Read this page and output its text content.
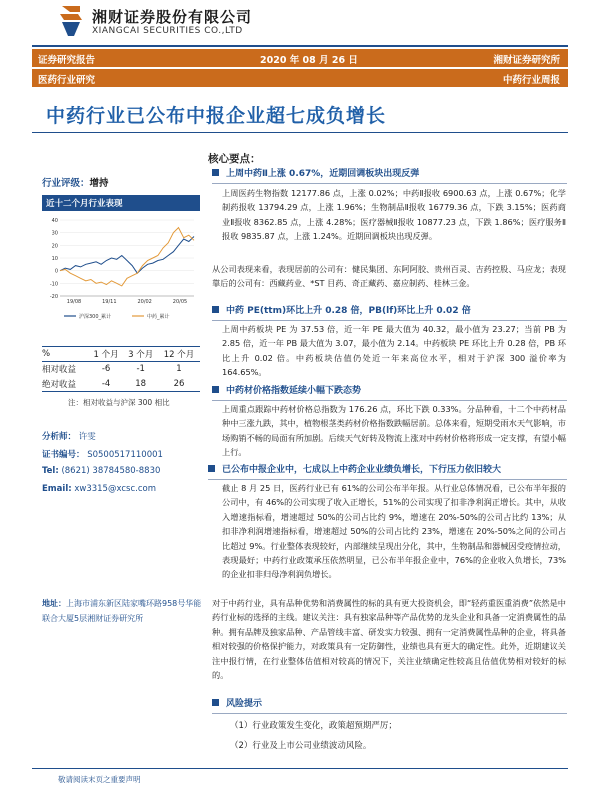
湘财证券股份有限公司
XIANGCAI SECURITIES CO.,LTD
证券研究报告	2020 年 08 月 26 日	湘财证券研究所
医药行业研究	中药行业周报
中药行业已公布中报企业超七成负增长
核心要点：
行业评级：增持
近十二个月行业表现
-20
-10
0
10
20
30
40
19/08	19/11	20/02	20/05
沪深300_累计	中药_累计
%	1 个月	3 个月	12 个月
相对收益	-6	-1	1
绝对收益	-4	18	26
注：相对收益与沪深 300 相比
分析师： 许雯
证书编号： S0500517110001
Tel: (8621) 38784580-8830
Email: xw3315@xcsc.com
地址：上海市浦东新区陆家嘴环路958号华能联合大厦5层湘财证券研究所
上周中药Ⅱ上涨 0.67%，近期回调板块出现反弹
上周医药生物指数 12177.86 点，上涨 0.02%；中药Ⅱ报收 6900.63 点，上涨 0.67%；化学制药报收 13794.29 点，上涨 1.96%；生物制品Ⅱ报收 16779.36 点，下跌 3.15%；医药商业Ⅱ报收 8362.85 点，上涨 4.28%；医疗器械Ⅱ报收 10877.23 点，下跌 1.86%；医疗服务Ⅱ报收 9835.87 点，上涨 1.24%。近期回调板块出现反弹。
从公司表现来看，表现居前的公司有：健民集团、东阿阿胶、贵州百灵、吉药控股、马应龙；表现靠后的公司有：西藏药业、*ST 目药、奇正藏药、嘉应制药、桂林三金。
中药 PE(ttm)环比上升 0.28 倍，PB(lf)环比上升 0.02 倍
上周中药板块 PE 为 37.53 倍，近一年 PE 最大值为 40.32，最小值为 23.27；当前 PB 为 2.85 倍，近一年 PB 最大值为 3.07，最小值为 2.14。中药板块 PE 环比上升 0.28 倍，PB 环比上升 0.02 倍。中药板块估值仍处近一年来高位水平，相对于沪深 300 溢价率为 164.65%。
中药材价格指数延续小幅下跌态势
上周重点跟踪中药材价格总指数为 176.26 点，环比下跌 0.33%。分品种看，十二个中药材品种中三涨九跌，其中，植物根茎类药材价格指数跌幅居前。总体来看，短期受雨水天气影响，市场购销不畅的局面有所加剧。后续天气好转及物流上涨对中药材价格将形成一定支撑，有望小幅上行。
已公布中报企业中，七成以上中药企业业绩负增长，下行压力依旧较大
截止 8 月 25 日，医药行业已有 61%的公司公布半年报。从行业总体情况看，已公布半年报的公司中，有 46%的公司实现了收入正增长，51%的公司实现了扣非净利润正增长。其中，从收入增速指标看，增速超过 50%的公司占比约 9%，增速在 20%-50%的公司占比约 13%；从扣非净利润增速指标看，增速超过 50%的公司占比约 23%，增速在 20%-50%之间的公司占比超过 9%。行业整体表现较好，内部继续呈现出分化，其中，生物制品和器械因受疫情拉动，表现最好；中药行业政策承压依然明显，已公布半年报企业中，76%的企业收入负增长，73%的企业扣非归母净利润负增长。
对于中药行业，具有品种优势和消费属性的标的具有更大投资机会，即“轻药重医重消费”依然是中药行业标的选择的主线。建议关注：具有独家品种等产品优势的龙头企业和具备一定消费属性的品种。拥有品牌及独家品种、产品管线丰富、研发实力较强、拥有一定消费属性品种的企业，将具备相对较强的价格保护能力，对政策具有一定防御性，业绩也具有更大的确定性。此外，近期建议关注中报行情，在行业整体估值相对较高的情况下，关注业绩确定性较高且估值优势相对较好的标的。
风险提示
（1）行业政策发生变化，政策超预期严厉；
（2）行业及上市公司业绩波动风险。
敬请阅读末页之重要声明
